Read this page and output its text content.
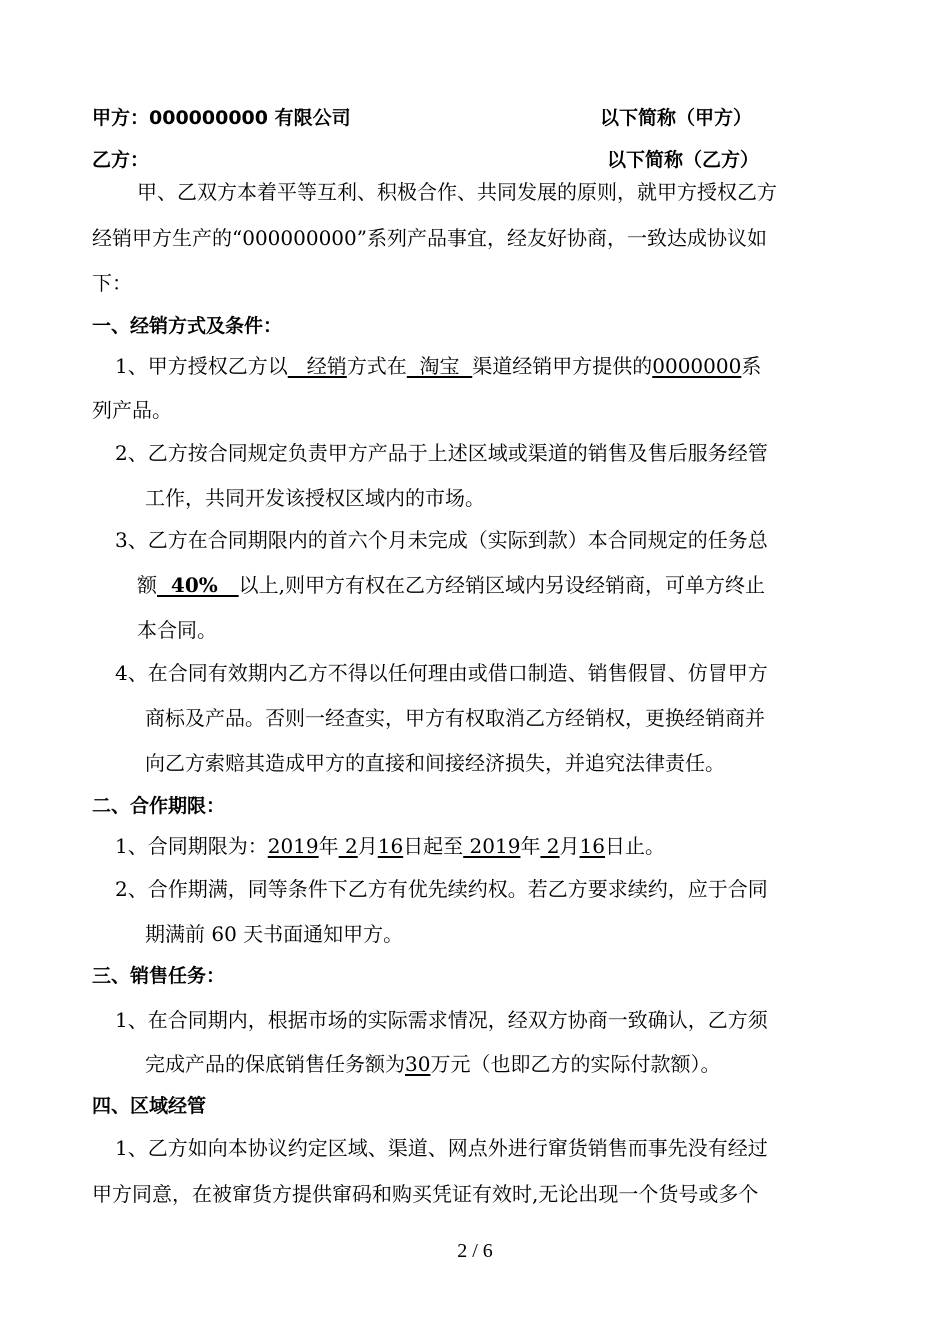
甲方：000000000 有限公司	以下简称（甲方）
乙方：	以下简称（乙方）
甲、乙双方本着平等互利、积极合作、共同发展的原则，就甲方授权乙方
经销甲方生产的“000000000”系列产品事宜，经友好协商，一致达成协议如
下：
一、经销方式及条件：
1、甲方授权乙方以   经销方式在  淘宝  渠道经销甲方提供的0000000系
列产品。
2、乙方按合同规定负责甲方产品于上述区域或渠道的销售及售后服务经管
工作，共同开发该授权区域内的市场。
3、乙方在合同期限内的首六个月未完成（实际到款）本合同规定的任务总
额  40%   以上,则甲方有权在乙方经销区域内另设经销商，可单方终止
本合同。
4、在合同有效期内乙方不得以任何理由或借口制造、销售假冒、仿冒甲方
商标及产品。否则一经查实，甲方有权取消乙方经销权，更换经销商并
向乙方索赔其造成甲方的直接和间接经济损失，并追究法律责任。
二、合作期限：
1、合同期限为：2019年 2月16日起至 2019年 2月16日止。
2、合作期满，同等条件下乙方有优先续约权。若乙方要求续约，应于合同
期满前 60 天书面通知甲方。
三、销售任务：
1、在合同期内，根据市场的实际需求情况，经双方协商一致确认，乙方须
完成产品的保底销售任务额为30万元（也即乙方的实际付款额）。
四、区域经管
1、乙方如向本协议约定区域、渠道、网点外进行窜货销售而事先没有经过
甲方同意，在被窜货方提供窜码和购买凭证有效时,无论出现一个货号或多个
2 / 6
